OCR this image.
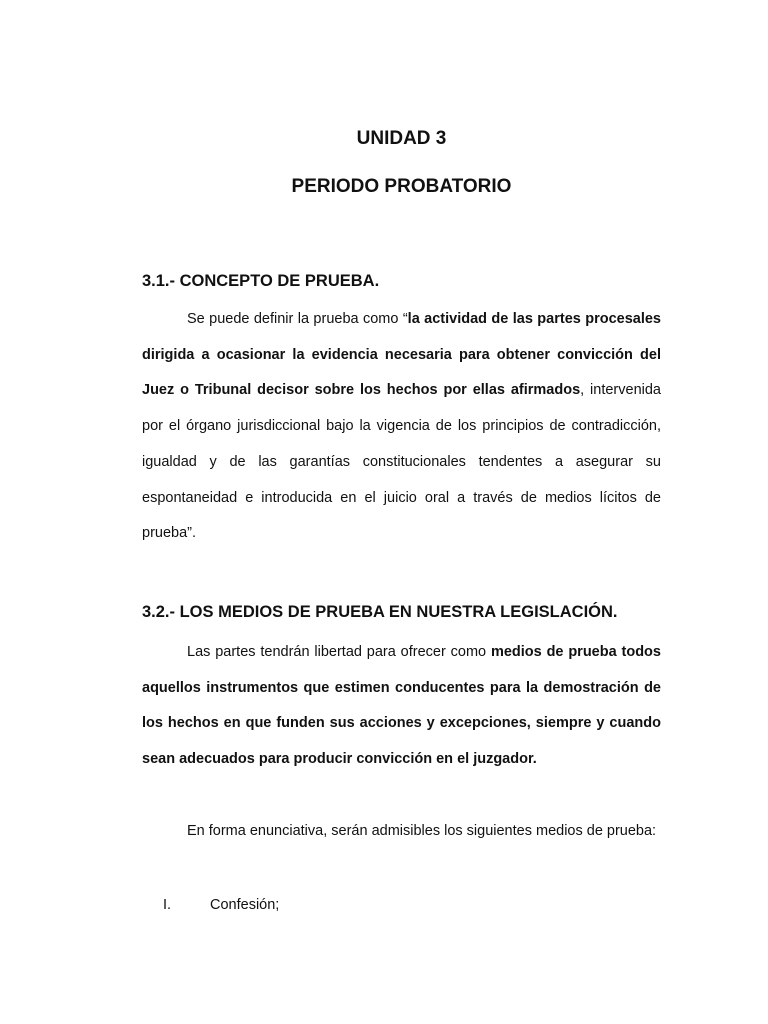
UNIDAD 3
PERIODO PROBATORIO
3.1.- CONCEPTO DE PRUEBA.

Se puede definir la prueba como “la actividad de las partes procesales dirigida a ocasionar la evidencia necesaria para obtener convicción del Juez o Tribunal decisor sobre los hechos por ellas afirmados, intervenida por el órgano jurisdiccional bajo la vigencia de los principios de contradicción, igualdad y de las garantías constitucionales tendentes a asegurar su espontaneidad e introducida en el juicio oral a través de medios lícitos de prueba”.

3.2.- LOS MEDIOS DE PRUEBA EN NUESTRA LEGISLACIÓN.

Las partes tendrán libertad para ofrecer como medios de prueba todos aquellos instrumentos que estimen conducentes para la demostración de los hechos en que funden sus acciones y excepciones, siempre y cuando sean adecuados para producir convicción en el juzgador.

En forma enunciativa, serán admisibles los siguientes medios de prueba:

I.	Confesión;
